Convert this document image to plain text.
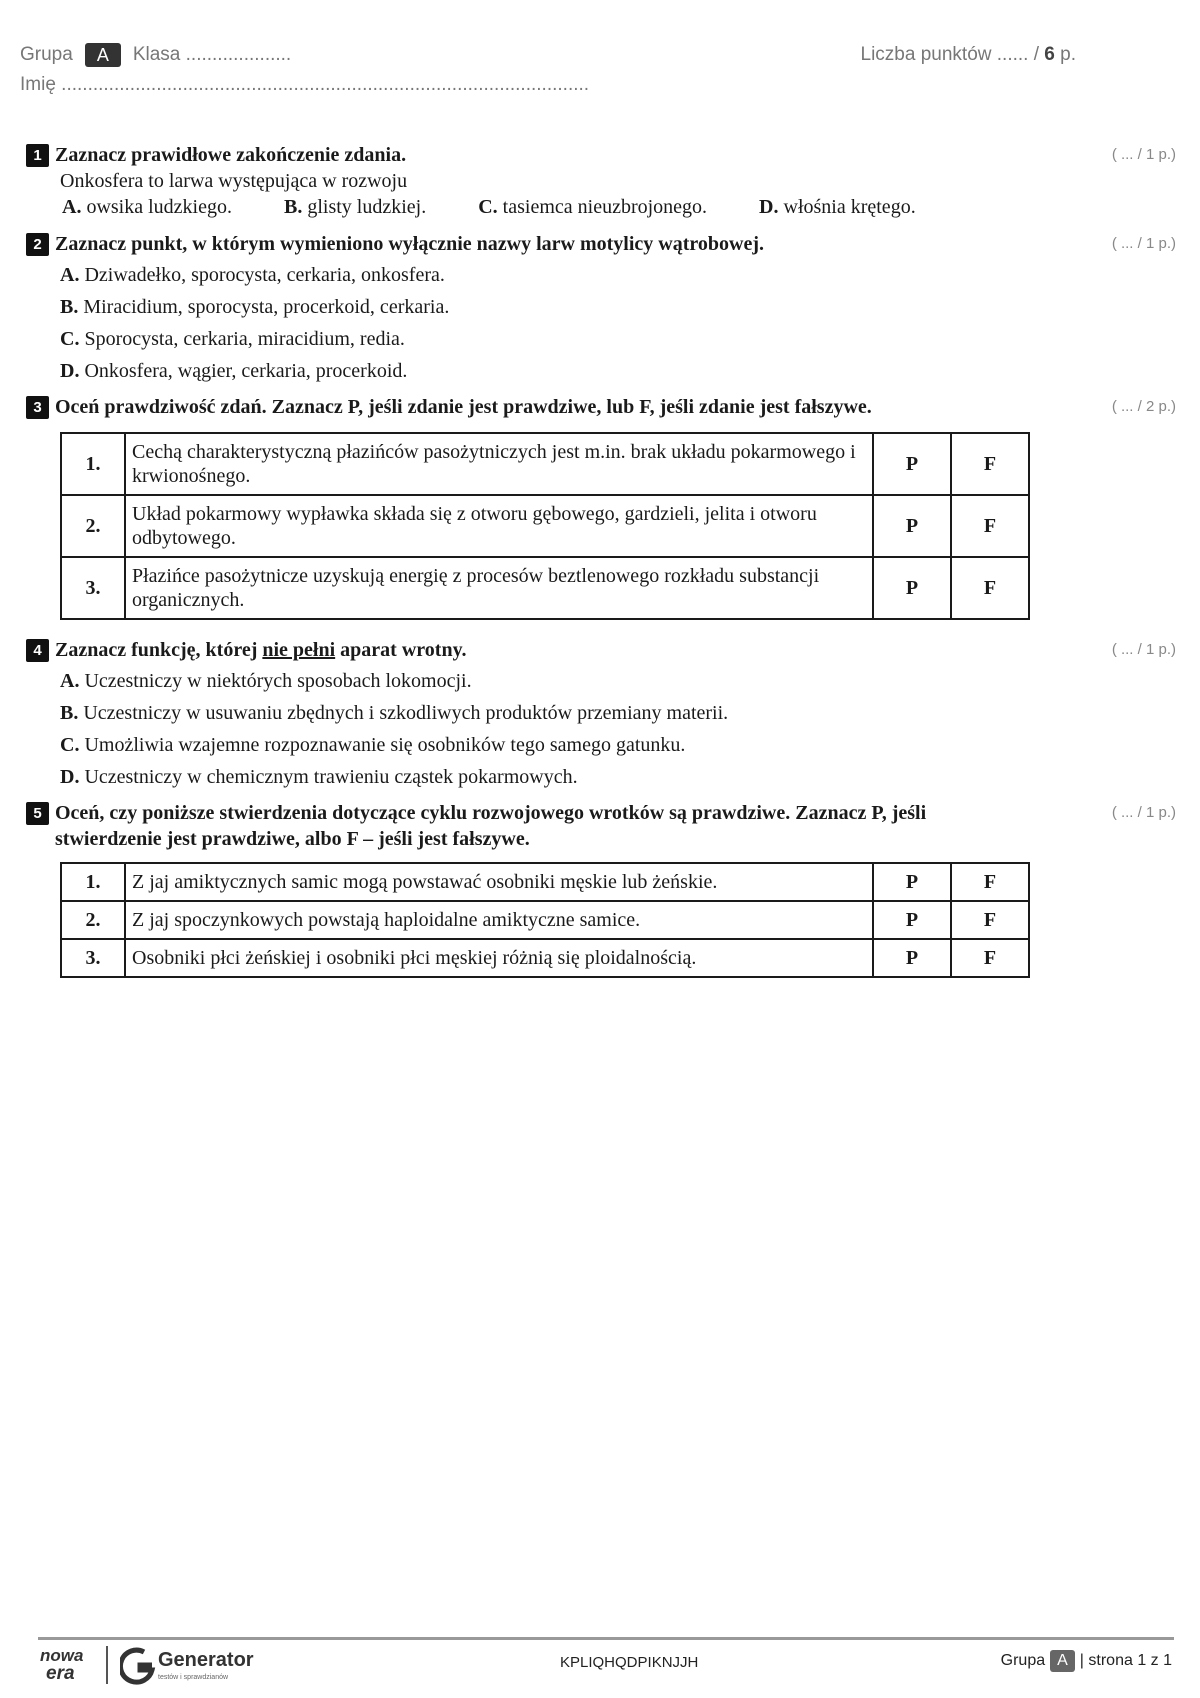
Grupa	A	Klasa ....................
Imię ....................................................................................................
Liczba punktów ...... / 6 p.
1 Zaznacz prawidłowe zakończenie zdania.	( ... / 1 p.)
Onkosfera to larwa występująca w rozwoju
A. owsika ludzkiego.	B. glisty ludzkiej.	C. tasiemca nieuzbrojonego.	D. włośnia krętego.
2 Zaznacz punkt, w którym wymieniono wyłącznie nazwy larw motylicy wątrobowej.	( ... / 1 p.)
A. Dziwadełko, sporocysta, cerkaria, onkosfera.
B. Miracidium, sporocysta, procerkoid, cerkaria.
C. Sporocysta, cerkaria, miracidium, redia.
D. Onkosfera, wągier, cerkaria, procerkoid.
3 Oceń prawdziwość zdań. Zaznacz P, jeśli zdanie jest prawdziwe, lub F, jeśli zdanie jest fałszywe.	( ... / 2 p.)
1.	Cechą charakterystyczną płazińców pasożytniczych jest m.in. brak układu pokarmowego i krwionośnego.	P	F
2.	Układ pokarmowy wypławka składa się z otworu gębowego, gardzieli, jelita i otworu odbytowego.	P	F
3.	Płazińce pasożytnicze uzyskują energię z procesów beztlenowego rozkładu substancji organicznych.	P	F
4 Zaznacz funkcję, której nie pełni aparat wrotny.	( ... / 1 p.)
A. Uczestniczy w niektórych sposobach lokomocji.
B. Uczestniczy w usuwaniu zbędnych i szkodliwych produktów przemiany materii.
C. Umożliwia wzajemne rozpoznawanie się osobników tego samego gatunku.
D. Uczestniczy w chemicznym trawieniu cząstek pokarmowych.
5 Oceń, czy poniższe stwierdzenia dotyczące cyklu rozwojowego wrotków są prawdziwe. Zaznacz P, jeśli stwierdzenie jest prawdziwe, albo F – jeśli jest fałszywe.
( ... / 1 p.)
1.	Z jaj amiktycznych samic mogą powstawać osobniki męskie lub żeńskie.	P	F
2.	Z jaj spoczynkowych powstają haploidalne amiktyczne samice.	P	F
3.	Osobniki płci żeńskiej i osobniki płci męskiej różnią się ploidalnością.	P	F
nowa
era
Generator
testów i sprawdzianów
KPLIQHQDPIKNJJH	Grupa A | strona 1 z 1
